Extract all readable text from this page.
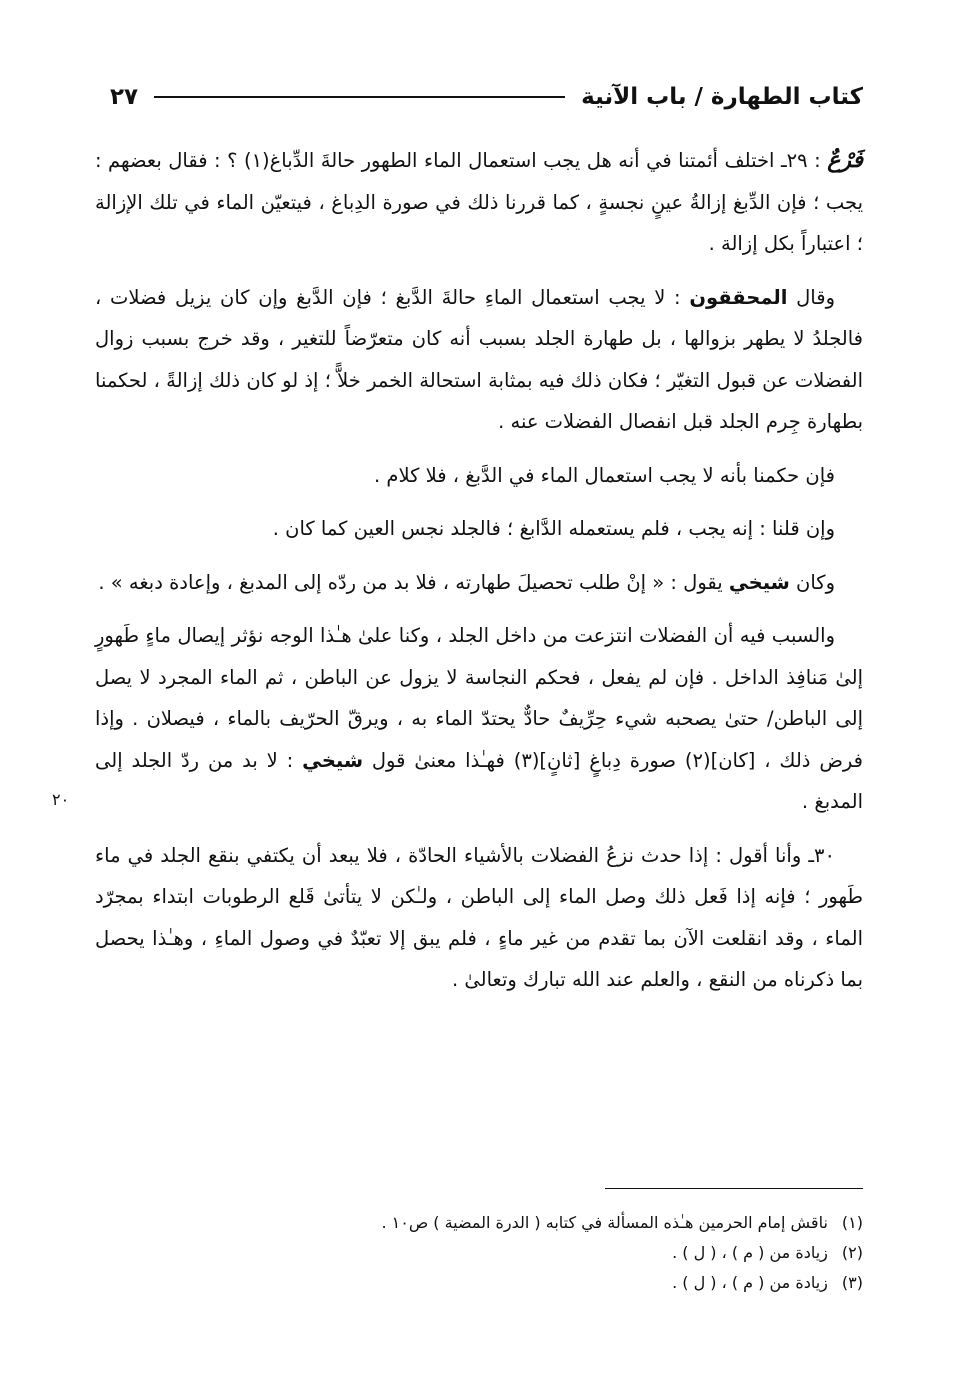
كتاب الطهارة / باب الآنية
٢٧

فَرْعٌ : ٢٩ـ اختلف أئمتنا في أنه هل يجب استعمال الماء الطهور حالةَ الدِّباغ(١) ؟ : فقال بعضهم : يجب ؛ فإن الدِّبغ إزالةُ عينٍ نجسةٍ ، كما قررنا ذلك في صورة الدِباغ ، فيتعيّن الماء في تلك الإزالة ؛ اعتباراً بكل إزالة .

وقال المحققون : لا يجب استعمال الماءِ حالةَ الدَّبغ ؛ فإن الدَّبغ وإن كان يزيل فضلات ، فالجلدُ لا يطهر بزوالها ، بل طهارة الجلد بسبب أنه كان متعرّضاً للتغير ، وقد خرج بسبب زوال الفضلات عن قبول التغيّر ؛ فكان ذلك فيه بمثابة استحالة الخمر خلاًّ ؛ إذ لو كان ذلك إزالةً ، لحكمنا بطهارة جِرم الجلد قبل انفصال الفضلات عنه .

فإن حكمنا بأنه لا يجب استعمال الماء في الدَّبغ ، فلا كلام .

وإن قلنا : إنه يجب ، فلم يستعمله الدَّابغ ؛ فالجلد نجس العين كما كان .

وكان شيخي يقول : « إنْ طلب تحصيلَ طهارته ، فلا بد من ردّه إلى المدبغ ، وإعادة دبغه » .

والسبب فيه أن الفضلات انتزعت من داخل الجلد ، وكنا علىٰ هـٰذا الوجه نؤثر إيصال ماءٍ طَهورٍ إلىٰ مَنافِذ الداخل . فإن لم يفعل ، فحكم النجاسة لا يزول عن الباطن ، ثم الماء المجرد لا يصل إلى الباطن/ حتىٰ يصحبه شيء حِرِّيفٌ حادٌّ يحتدّ الماء به ، ويرقّ الحرّيف بالماء ، فيصلان . وإذا فرض ذلك ، [كان](٢) صورة دِباغٍ [ثانٍ](٣) فهـٰذا معنىٰ قول شيخي : لا بد من ردّ الجلد إلى المدبغ .

٣٠ـ وأنا أقول : إذا حدث نزعُ الفضلات بالأشياء الحادّة ، فلا يبعد أن يكتفي بنقع الجلد في ماء طَهور ؛ فإنه إذا فَعل ذلك وصل الماء إلى الباطن ، ولـٰكن لا يتأتىٰ قَلع الرطوبات ابتداء بمجرّد الماء ، وقد انقلعت الآن بما تقدم من غير ماءٍ ، فلم يبق إلا تعبّدٌ في وصول الماءِ ، وهـٰذا يحصل بما ذكرناه من النقع ، والعلم عند الله تبارك وتعالىٰ .

٢٠
(١)
ناقش إمام الحرمين هـٰذه المسألة في كتابه ( الدرة المضية ) ص١٠ .
(٢)
زيادة من ( م ) ، ( ل ) .
(٣)
زيادة من ( م ) ، ( ل ) .
